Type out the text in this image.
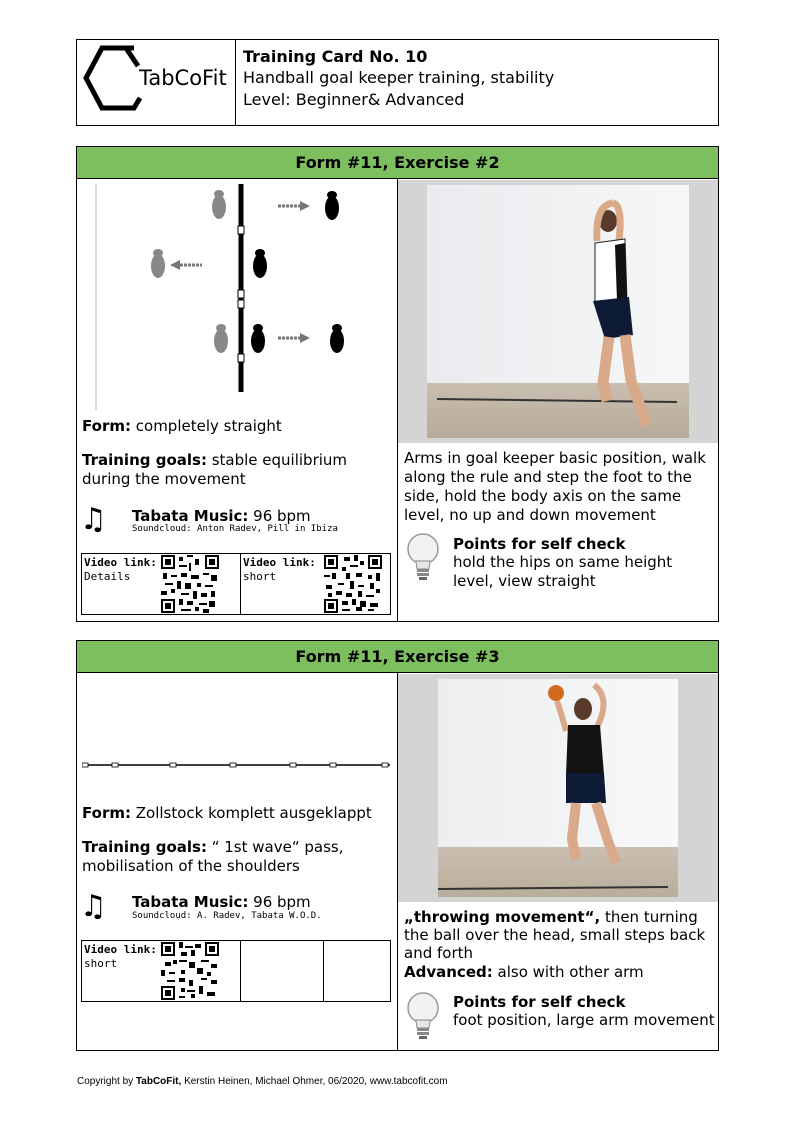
TabCoFit
Training Card No. 10
Handball goal keeper training, stability
Level: Beginner& Advanced
Form #11, Exercise #2
Form: completely straight
Training goals: stable equilibrium during the movement
♫ Tabata Music: 96 bpm
Soundcloud: Anton Radev, Pill in Ibiza
Video link:
Details
Video link:
short
Arms in goal keeper basic position, walk along the rule and step the foot to the side, hold the body axis on the same level, no up and down movement
Points for self check
hold the hips on same height level, view straight
Form #11, Exercise #3
Form: Zollstock komplett ausgeklappt
Training goals: “ 1st wave“ pass, mobilisation of the shoulders
♫ Tabata Music: 96 bpm
Soundcloud: A. Radev, Tabata W.O.D.
Video link:
short
„throwing movement“, then turning the ball over the head, small steps back and forth
Advanced: also with other arm
Points for self check
foot position, large arm movement
Copyright by TabCoFit, Kerstin Heinen, Michael Ohmer, 06/2020, www.tabcofit.com
